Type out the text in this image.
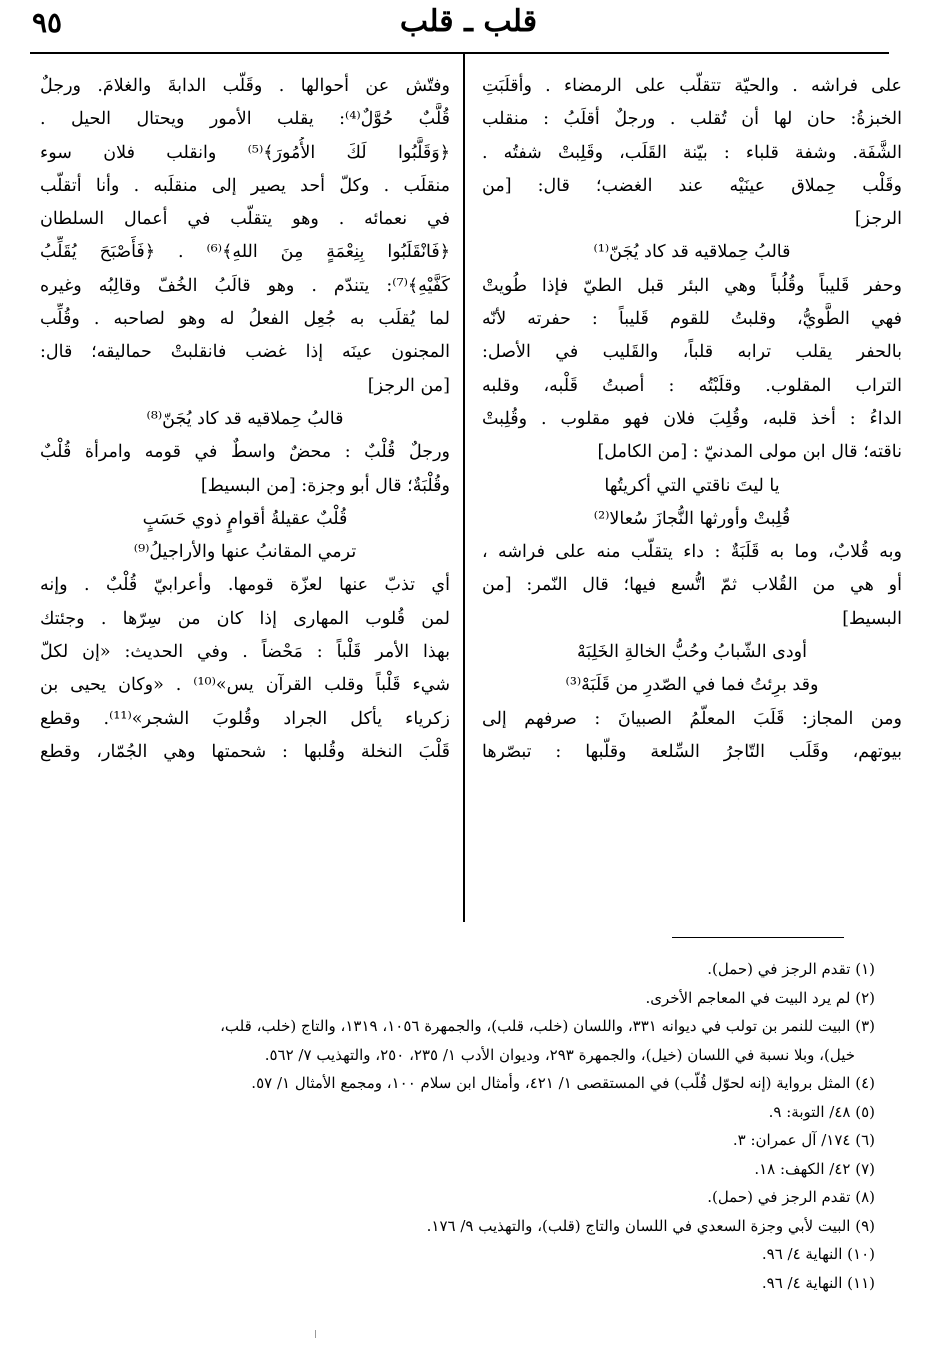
٩٥	قلب ـ قلب
على فراشه . والحيّة تتقلّب على الرمضاء . وأقلَبَتِ
الخبزةُ: حان لها أن تُقلب . ورجلٌ أقلَبُ : منقلب
الشَّفَة. وشفة قلباء : بيّنة القَلَب، وقَلِبتْ شفتُه .
وقَلْب حِملاق عينَيْه عند الغضب؛ قال: [من
الرجز]
قالبُ حِملاقيه قد كاد يُجَنّ⁽¹⁾
وحفر قَليباً وقُلُباً وهي البئر قبل الطيّ فإذا طُويتْ
فهي الطَّويُّ، وقلبتُ للقوم قَليباً : حفرته لأنّه
بالحفر يقلب ترابه قلباً، والقَليب في الأصل:
التراب المقلوب. وقلَبْتُه : أصبتُ قَلْبه، وقلبه
الداءُ : أخذ قلبه، وقُلِبَ فلان فهو مقلوب . وقُلِبتْ
ناقته؛ قال ابن مولى المدنيّ : [من الكامل]
يا ليتَ ناقتي التي أكريتُها
قُلِبتْ وأورثها النُّجازَ سُعالا⁽²⁾
وبه قُلابٌ، وما به قَلَبَةٌ : داء يتقلّب منه على فراشه ،
أو هي من القُلاب ثمّ اتُّسع فيها؛ قال النّمر: [من
البسيط]
أودى الشّبابُ وحُبُّ الخالةِ الخَلِبَهْ
وقد برِئتُ فما في الصّدرِ من قَلَبَهْ⁽³⁾
ومن المجاز: قَلَبَ المعلّمُ الصبيانَ : صرفهم إلى
بيوتهم، وقَلَب التّاجرُ السِّلعة وقلّبها : تبصّرها
وفتّش عن أحوالها . وقَلّب الدابةَ والغلامَ. ورجلٌ
قُلَّبٌ حُوَّلٌ⁽⁴⁾: يقلب الأمور ويحتال الحيل .
﴿وَقَلَّبُوا لَكَ الأُمُورَ﴾⁽⁵⁾ وانقلب فلان سوء
منقلَب . وكلّ أحد يصير إلى منقلَبه . وأنا أتقلّب
في نعمائه . وهو يتقلّب في أعمال السلطان
﴿فَانْقَلَبُوا بِنِعْمَةٍ مِنَ اللهِ﴾⁽⁶⁾ . ﴿فَأَصْبَحَ يُقَلِّبُ
كَفَّيْهِ﴾⁽⁷⁾: يتندّم . وهو قالَبُ الخُفّ وقالِبُه وغيره
لما يُقلَب به جُعِل الفعلُ له وهو لصاحبه . وقُلِّب
المجنون عينَه إذا غضب فانقلبتْ حماليقه؛ قال:
[من الرجز]
قالبُ حِملاقيه قد كاد يُجَنّ⁽⁸⁾
ورجلٌ قُلْبٌ : محضٌ واسطٌ في قومه وامرأة قُلْبٌ
وقُلْبَةٌ؛ قال أبو وجزة: [من البسيط]
قُلْبٌ عقيلةُ أقوامٍ ذوي حَسَبٍ
ترمي المقانبُ عنها والأراجيلُ⁽⁹⁾
أي تذبّ عنها لعزّة قومها. وأعرابيّ قُلْبٌ . وإنه
لمن قُلوب المهارى إذا كان من سِرّها . وجئتك
بهذا الأمر قَلْباً : مَحْضاً . وفي الحديث: «إن لكلّ
شيء قَلْباً وقلب القرآن يس»⁽¹⁰⁾ . «وكان يحيى بن
زكرياء يأكل الجراد وقُلوبَ الشجر»⁽¹¹⁾. وقطع
قَلْبَ النخلة وقُلبها : شحمتها وهي الجُمّار، وقطع
(١) تقدم الرجز في (حمل).
(٢) لم يرد البيت في المعاجم الأخرى.
(٣) البيت للنمر بن تولب في ديوانه ٣٣١، واللسان (خلب، قلب)، والجمهرة ١٠٥٦، ١٣١٩، والتاج (خلب، قلب،
خيل)، وبلا نسبة في اللسان (خيل)، والجمهرة ٢٩٣، وديوان الأدب ١/ ٢٣٥، ٢٥٠، والتهذيب ٧/ ٥٦٢.
(٤) المثل برواية (إنه لحوّل قُلّب) في المستقصى ١/ ٤٢١، وأمثال ابن سلام ١٠٠، ومجمع الأمثال ١/ ٥٧.
(٥) ٤٨/ التوبة: ٩.
(٦) ١٧٤/ آل عمران: ٣.
(٧) ٤٢/ الكهف: ١٨.
(٨) تقدم الرجز في (حمل).
(٩) البيت لأبي وجزة السعدي في اللسان والتاج (قلب)، والتهذيب ٩/ ١٧٦.
(١٠) النهاية ٤/ ٩٦.
(١١) النهاية ٤/ ٩٦.
